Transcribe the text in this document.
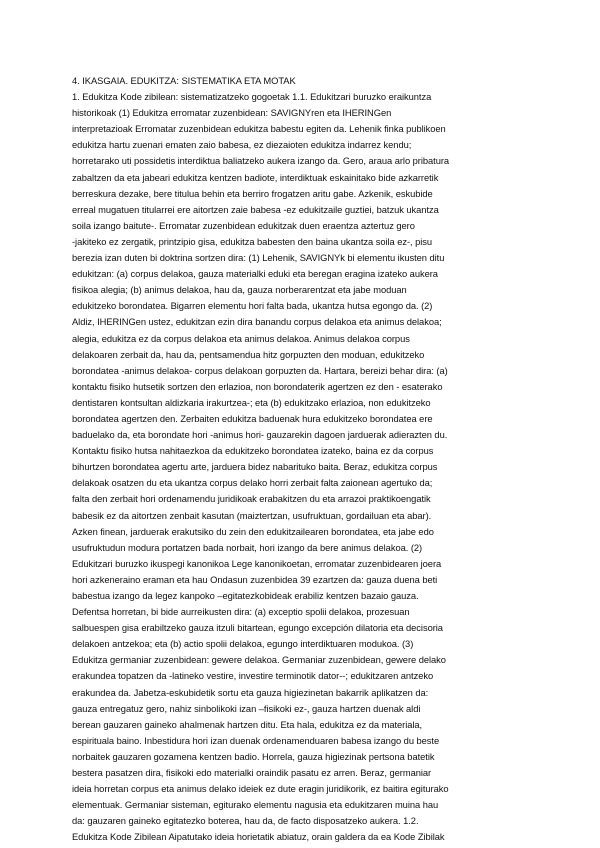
4. IKASGAIA. EDUKITZA: SISTEMATIKA ETA MOTAK
1. Edukitza Kode zibilean: sistematizatzeko gogoetak 1.1. Edukitzari buruzko eraikuntza
historikoak (1) Edukitza erromatar zuzenbidean: SAVIGNYren eta IHERINGen
interpretazioak Erromatar zuzenbidean edukitza babestu egiten da. Lehenik finka publikoen
edukitza hartu zuenari ematen zaio babesa, ez diezaioten edukitza indarrez kendu;
horretarako uti possidetis interdiktua baliatzeko aukera izango da. Gero, araua arlo pribatura
zabaltzen da eta jabeari edukitza kentzen badiote, interdiktuak eskainitako bide azkarretik
berreskura dezake, bere titulua behin eta berriro frogatzen aritu gabe. Azkenik, eskubide
erreal mugatuen titularrei ere aitortzen zaie babesa -ez edukitzaile guztiei, batzuk ukantza
soila izango baitute-. Erromatar zuzenbidean edukitzak duen eraentza aztertuz gero
-jakiteko ez zergatik, printzipio gisa, edukitza babesten den baina ukantza soila ez-, pisu
berezia izan duten bi doktrina sortzen dira: (1) Lehenik, SAVIGNYk bi elementu ikusten ditu
edukitzan: (a) corpus delakoa, gauza materialki eduki eta beregan eragina izateko aukera
fisikoa alegia; (b) animus delakoa, hau da, gauza norberarentzat eta jabe moduan
edukitzeko borondatea. Bigarren elementu hori falta bada, ukantza hutsa egongo da. (2)
Aldiz, IHERINGen ustez, edukitzan ezin dira banandu corpus delakoa eta animus delakoa;
alegia, edukitza ez da corpus delakoa eta animus delakoa. Animus delakoa corpus
delakoaren zerbait da, hau da, pentsamendua hitz gorpuzten den moduan, edukitzeko
borondatea -animus delakoa- corpus delakoan gorpuzten da. Hartara, bereizi behar dira: (a)
kontaktu fisiko hutsetik sortzen den erlazioa, non borondaterik agertzen ez den - esaterako
dentistaren kontsultan aldizkaria irakurtzea-; eta (b) edukitzako erlazioa, non edukitzeko
borondatea agertzen den. Zerbaiten edukitza baduenak hura edukitzeko borondatea ere
baduelako da, eta borondate hori -animus hori- gauzarekin dagoen jarduerak adierazten du.
Kontaktu fisiko hutsa nahitaezkoa da edukitzeko borondatea izateko, baina ez da corpus
bihurtzen borondatea agertu arte, jarduera bidez nabarituko baita. Beraz, edukitza corpus
delakoak osatzen du eta ukantza corpus delako horri zerbait falta zaionean agertuko da;
falta den zerbait hori ordenamendu juridikoak erabakitzen du eta arrazoi praktikoengatik
babesik ez da aitortzen zenbait kasutan (maiztertzan, usufruktuan, gordailuan eta abar).
Azken finean, jarduerak erakutsiko du zein den edukitzailearen borondatea, eta jabe edo
usufruktudun modura portatzen bada norbait, hori izango da bere animus delakoa. (2)
Edukitzari buruzko ikuspegi kanonikoa Lege kanonikoetan, erromatar zuzenbidearen joera
hori azkeneraino eraman eta hau Ondasun zuzenbidea 39 ezartzen da: gauza duena beti
babestua izango da legez kanpoko –egitatezkobideak erabiliz kentzen bazaio gauza.
Defentsa horretan, bi bide aurreikusten dira: (a) exceptio spolii delakoa, prozesuan
salbuespen gisa erabiltzeko gauza itzuli bitartean, egungo excepción dilatoria eta decisoria
delakoen antzekoa; eta (b) actio spolii delakoa, egungo interdiktuaren modukoa. (3)
Edukitza germaniar zuzenbidean: gewere delakoa. Germaniar zuzenbidean, gewere delako
erakundea topatzen da -latineko vestire, investire terminotik dator--; edukitzaren antzeko
erakundea da. Jabetza-eskubidetik sortu eta gauza higiezinetan bakarrik aplikatzen da:
gauza entregatuz gero, nahiz sinbolikoki izan –fisikoki ez-, gauza hartzen duenak aldi
berean gauzaren gaineko ahalmenak hartzen ditu. Eta hala, edukitza ez da materiala,
espirituala baino. Inbestidura hori izan duenak ordenamenduaren babesa izango du beste
norbaitek gauzaren gozamena kentzen badio. Horrela, gauza higiezinak pertsona batetik
bestera pasatzen dira, fisikoki edo materialki oraindik pasatu ez arren. Beraz, germaniar
ideia horretan corpus eta animus delako ideiek ez dute eragin juridikorik, ez baitira egiturako
elementuak. Germaniar sisteman, egiturako elementu nagusia eta edukitzaren muina hau
da: gauzaren gaineko egitatezko boterea, hau da, de facto disposatzeko aukera. 1.2.
Edukitza Kode Zibilean Aipatutako ideia horietatik abiatuz, orain galdera da ea Kode Zibilak
